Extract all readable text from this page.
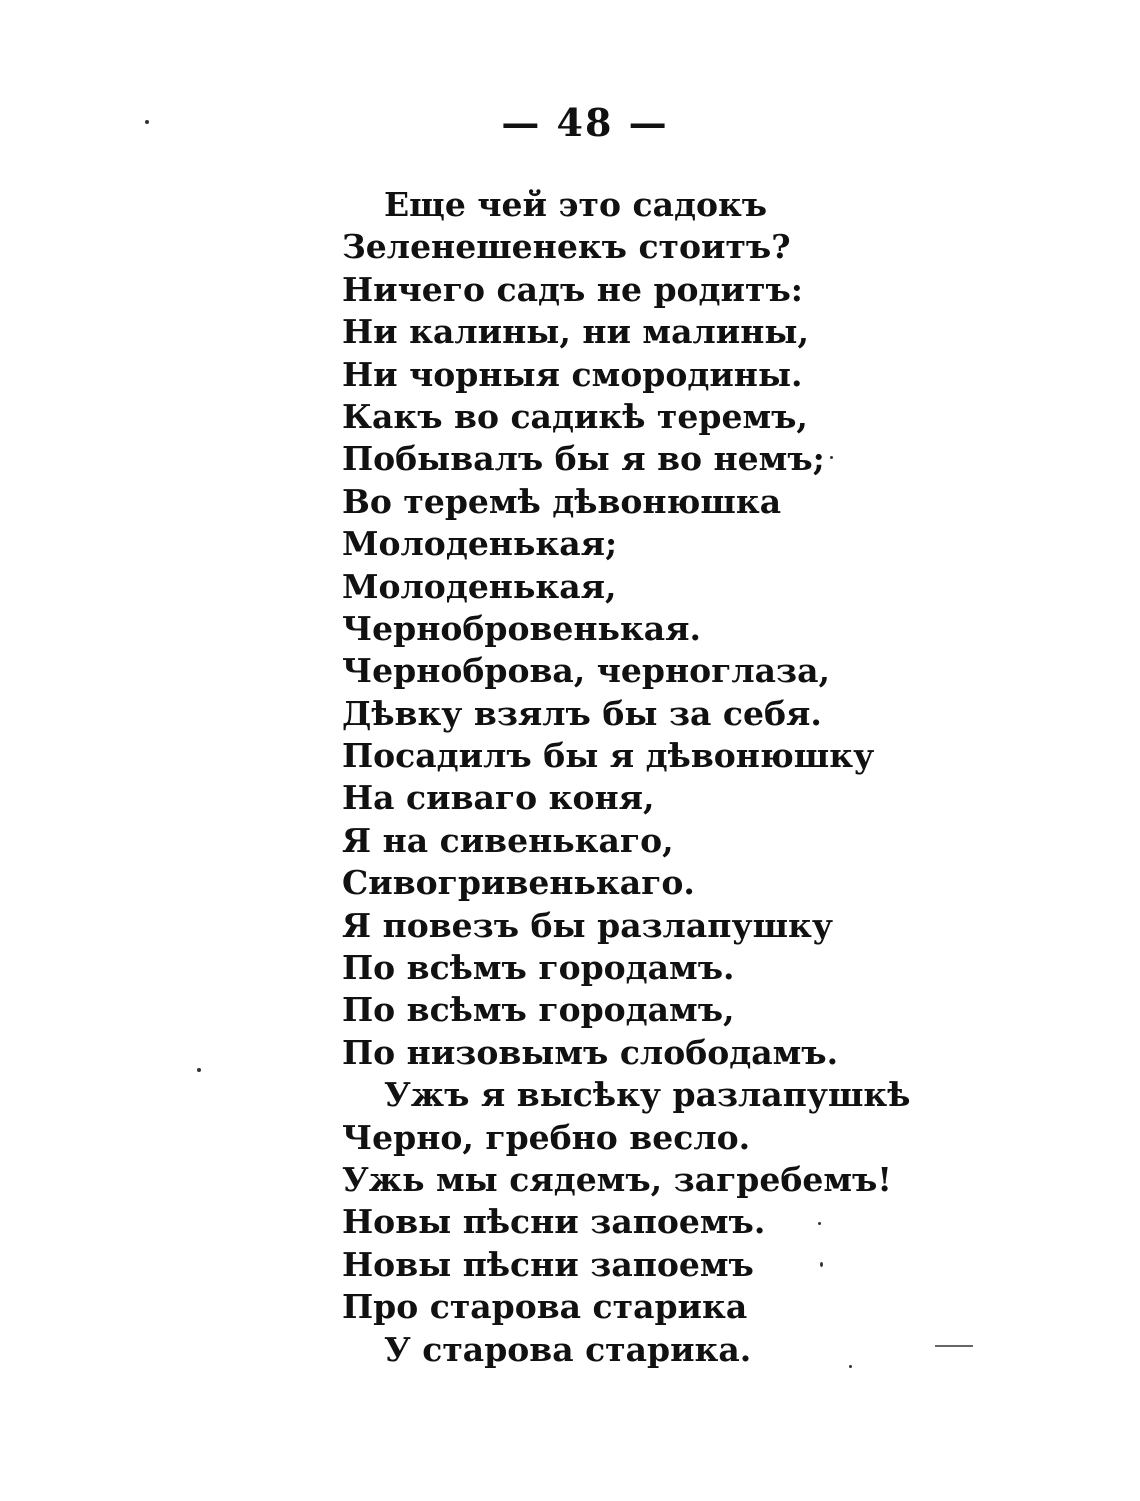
— 48 —
Еще чей это садокъ
Зеленешенекъ стоитъ?
Ничего садъ не родитъ:
Ни калины, ни малины,
Ни чорныя смородины.
Какъ во садикѣ теремъ,
Побывалъ бы я во немъ;
Во теремѣ дѣвонюшка
Молоденькая;
Молоденькая,
Чернобровенькая.
Черноброва, черноглаза,
Дѣвку взялъ бы за себя.
Посадилъ бы я дѣвонюшку
На сиваго коня,
Я на сивенькаго,
Сивогривенькаго.
Я повезъ бы разлапушку
По всѣмъ городамъ.
По всѣмъ городамъ,
По низовымъ слободамъ.
Ужъ я высѣку разлапушкѣ
Черно, гребно весло.
Ужь мы сядемъ, загребемъ!
Новы пѣсни запоемъ.
Новы пѣсни запоемъ
Про старова старика
У старова старика.
